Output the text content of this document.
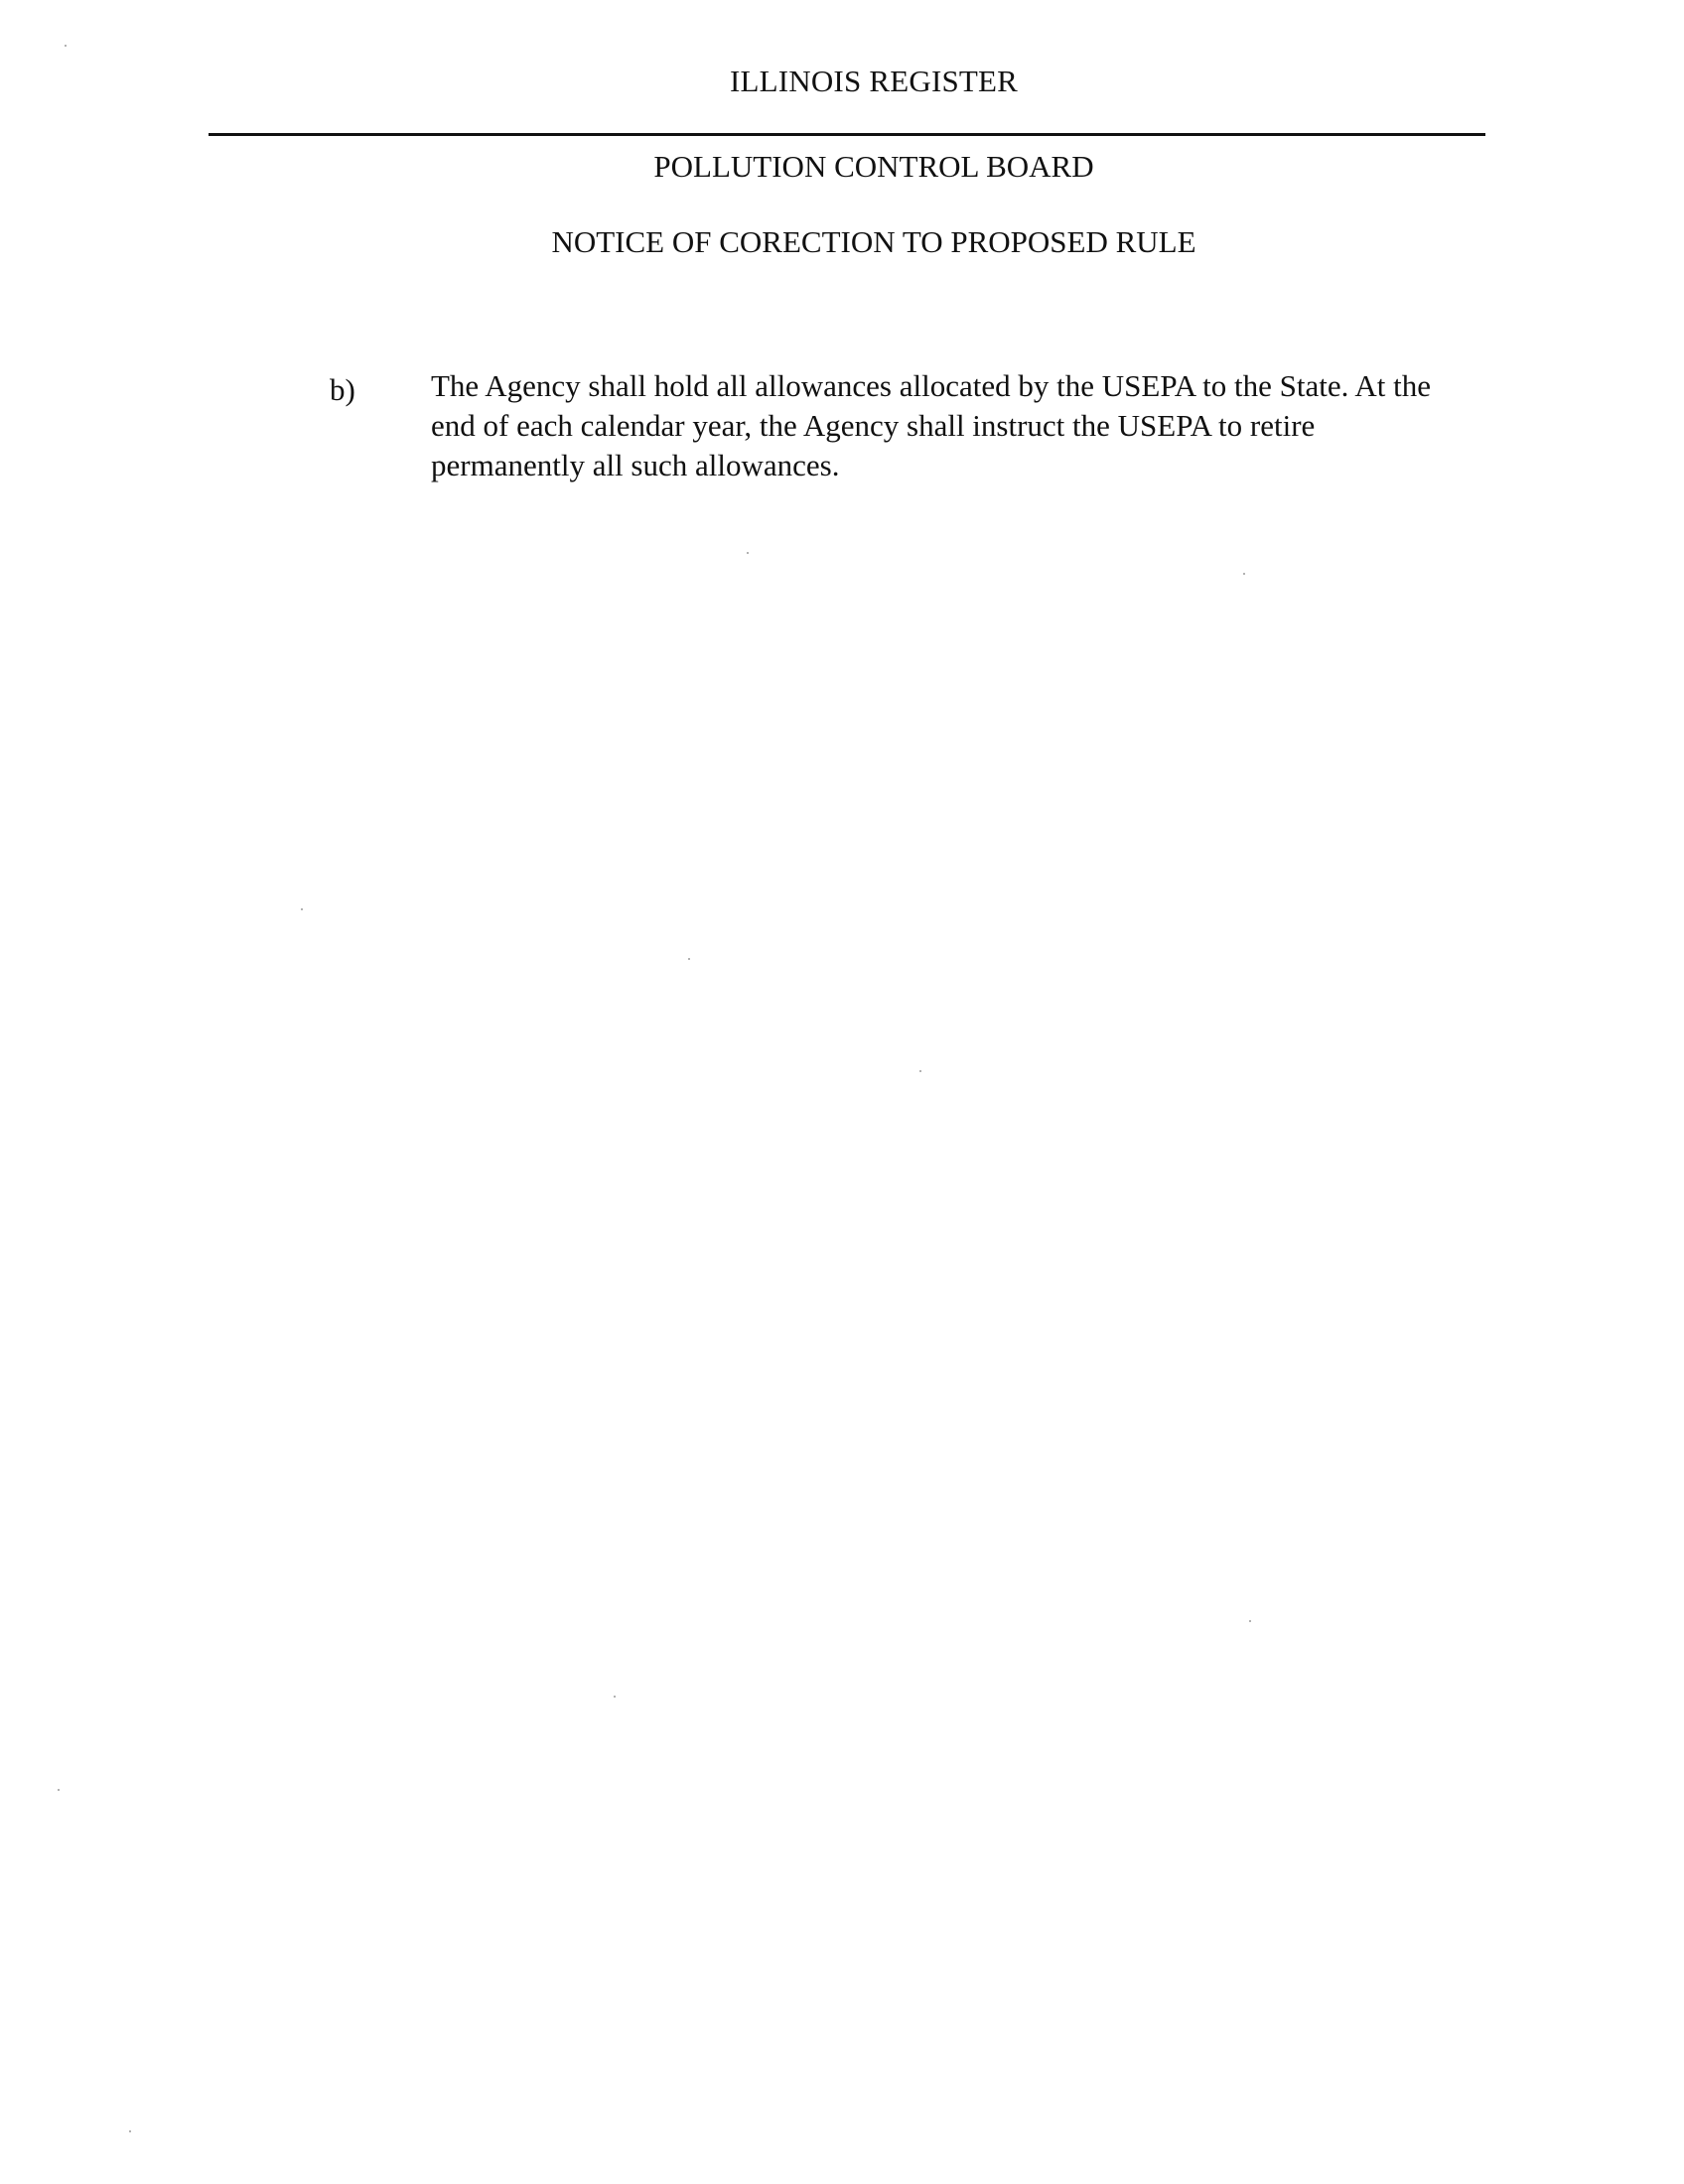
ILLINOIS REGISTER
POLLUTION CONTROL BOARD
NOTICE OF CORECTION TO PROPOSED RULE
b) The Agency shall hold all allowances allocated by the USEPA to the State. At the
end of each calendar year, the Agency shall instruct the USEPA to retire
permanently all such allowances.
